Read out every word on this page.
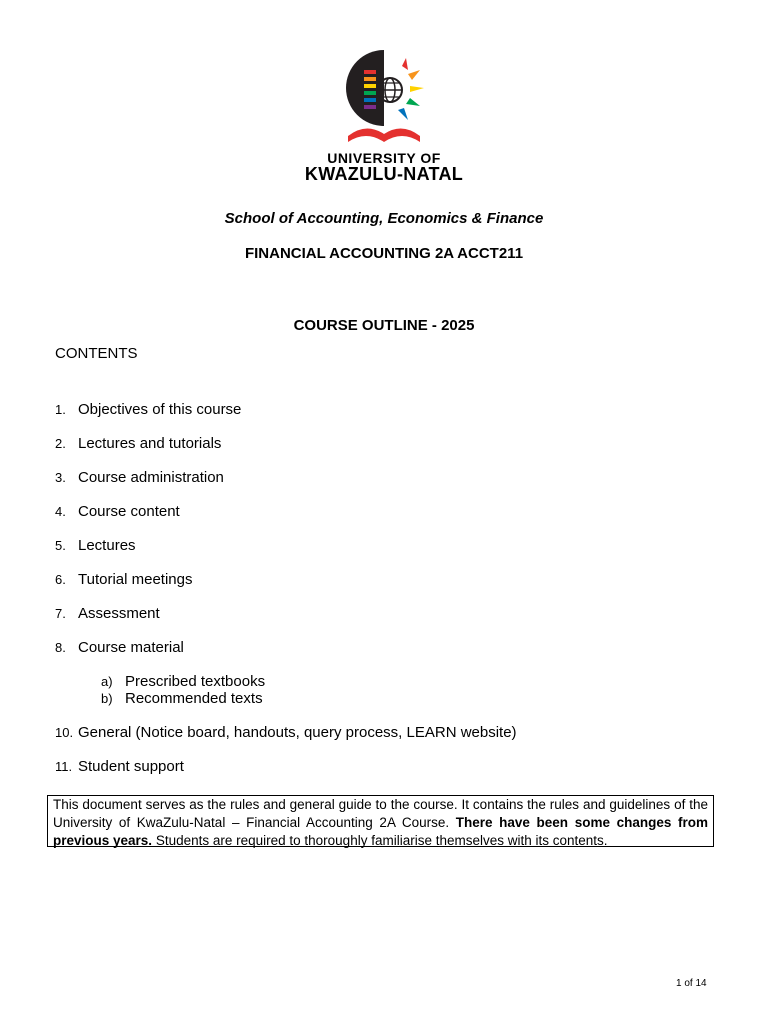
UNIVERSITY OF
KWAZULU-NATAL
School of Accounting, Economics & Finance
FINANCIAL ACCOUNTING 2A ACCT211
COURSE OUTLINE - 2025
CONTENTS
1. Objectives of this course
2. Lectures and tutorials
3. Course administration
4. Course content
5. Lectures
6. Tutorial meetings
7. Assessment
8. Course material
a) Prescribed textbooks
b) Recommended texts
10. General (Notice board, handouts, query process, LEARN website)
11. Student support
This document serves as the rules and general guide to the course. It contains the rules and guidelines of the University of KwaZulu-Natal – Financial Accounting 2A Course. There have been some changes from previous years. Students are required to thoroughly familiarise themselves with its contents.
1 of 14
